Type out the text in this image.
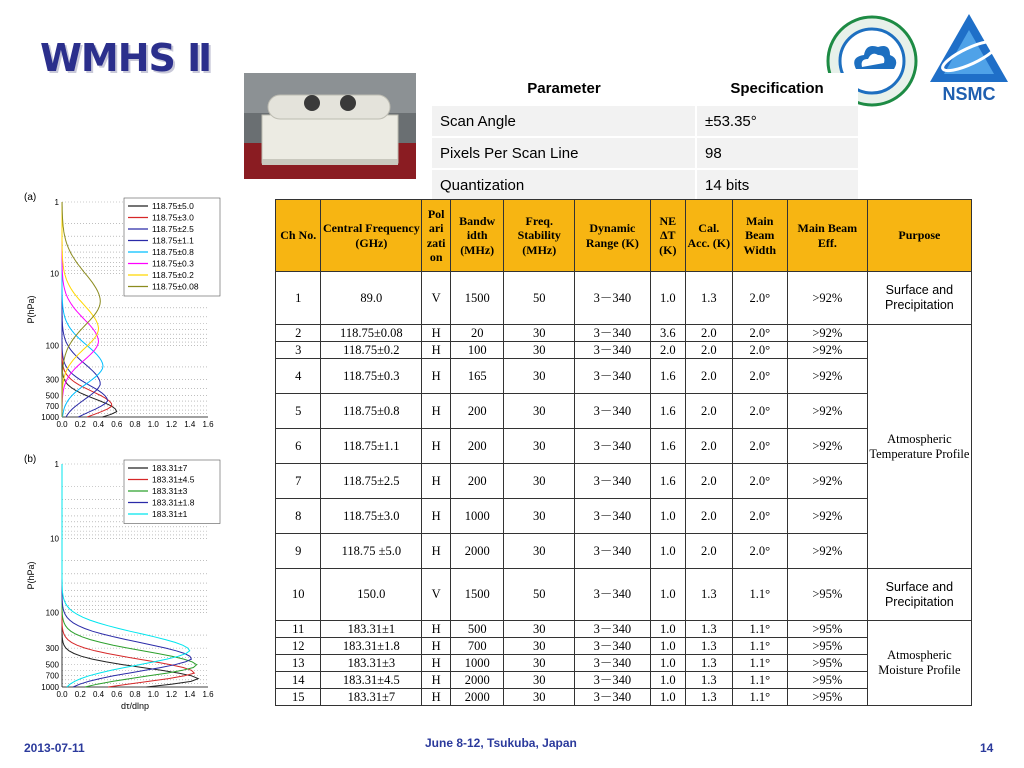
WMHS Ⅱ
NSMC
Parameter	Specification
Scan Angle	±53.35°
Pixels Per Scan Line	98
Quantization	14 bits
Ch No.	Central Frequency (GHz)	Pol ari zati on	Bandw idth (MHz)	Freq. Stability (MHz)	Dynamic Range (K)	NE ΔT (K)	Cal. Acc. (K)	Main Beam Width	Main Beam Eff.	Purpose
1	89.0	V	1500	50	3－340	1.0	1.3	2.0°	>92%	Surface and Precipitation
2	118.75±0.08	H	20	30	3－340	3.6	2.0	2.0°	>92%	Atmospheric Temperature Profile
3	118.75±0.2	H	100	30	3－340	2.0	2.0	2.0°	>92%	
4	118.75±0.3	H	165	30	3－340	1.6	2.0	2.0°	>92%	
5	118.75±0.8	H	200	30	3－340	1.6	2.0	2.0°	>92%	
6	118.75±1.1	H	200	30	3－340	1.6	2.0	2.0°	>92%	
7	118.75±2.5	H	200	30	3－340	1.6	2.0	2.0°	>92%	
8	118.75±3.0	H	1000	30	3－340	1.0	2.0	2.0°	>92%	
9	118.75 ±5.0	H	2000	30	3－340	1.0	2.0	2.0°	>92%	
10	150.0	V	1500	50	3－340	1.0	1.3	1.1°	>95%	Surface and Precipitation
11	183.31±1	H	500	30	3－340	1.0	1.3	1.1°	>95%	Atmospheric Moisture Profile
12	183.31±1.8	H	700	30	3－340	1.0	1.3	1.1°	>95%	
13	183.31±3	H	1000	30	3－340	1.0	1.3	1.1°	>95%	
14	183.31±4.5	H	2000	30	3－340	1.0	1.3	1.1°	>95%	
15	183.31±7	H	2000	30	3－340	1.0	1.3	1.1°	>95%	
(a) 1
10
100
300
500
700
1000
0.0 0.2 0.4 0.6 0.8 1.0 1.2 1.4 1.6
P(hPa)
118.75±5.0
118.75±3.0
118.75±2.5
118.75±1.1
118.75±0.8
118.75±0.3
118.75±0.2
118.75±0.08
(b) 1
10
100
300
500
700
1000
0.0 0.2 0.4 0.6 0.8 1.0 1.2 1.4 1.6
P(hPa)
dτ/dlnp
183.31±7
183.31±4.5
183.31±3
183.31±1.8
183.31±1
2013-07-11	June 8-12, Tsukuba, Japan	14
